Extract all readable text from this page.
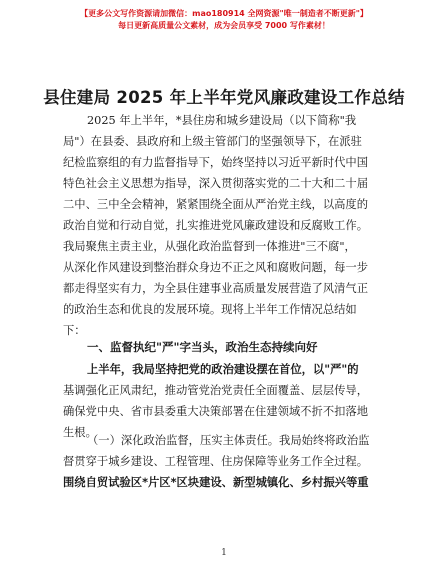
【更多公文写作资源请加微信：mao180914 全网资源"唯一制造者不断更新"】
每日更新高质量公文素材，成为会员享受 7000 写作素材！
县住建局 2025 年上半年党风廉政建设工作总结
2025 年上半年，*县住房和城乡建设局（以下简称"我
局"）在县委、县政府和上级主管部门的坚强领导下，在派驻
纪检监察组的有力监督指导下，始终坚持以习近平新时代中国
特色社会主义思想为指导，深入贯彻落实党的二十大和二十届
二中、三中全会精神，紧紧围绕全面从严治党主线，以高度的
政治自觉和行动自觉，扎实推进党风廉政建设和反腐败工作。
我局聚焦主责主业，从强化政治监督到一体推进"三不腐"，
从深化作风建设到整治群众身边不正之风和腐败问题，每一步
都走得坚实有力，为全县住建事业高质量发展营造了风清气正
的政治生态和优良的发展环境。现将上半年工作情况总结如
下：
一、监督执纪"严"字当头，政治生态持续向好
上半年，我局坚持把党的政治建设摆在首位，以"严"的
基调强化正风肃纪，推动管党治党责任全面覆盖、层层传导，
确保党中央、省市县委重大决策部署在住建领域不折不扣落地
生根。
（一）深化政治监督，压实主体责任。我局始终将政治监
督贯穿于城乡建设、工程管理、住房保障等业务工作全过程。
围绕自贸试验区*片区*区块建设、新型城镇化、乡村振兴等重
1
